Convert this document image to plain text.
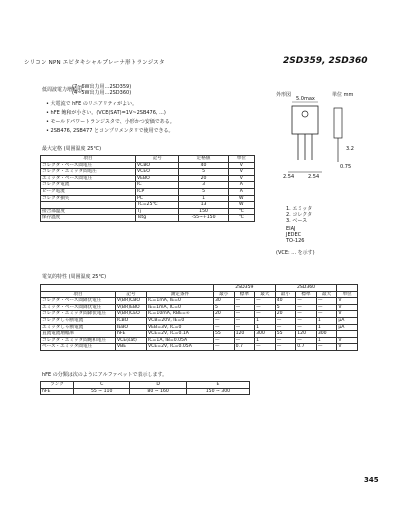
シリコン NPN エピタキシャルプレーナ形トランジスタ	2SD359, 2SD360
低周波電力増幅用
(7~6W出力用…2SD359)
(4~5W出力用…2SD360)
• 大電流で hFE のリニアリティがよい。
• hFE 飽和が小さい。(VCE(SAT)=1V~2SB476, ...)
• モールドパワートランジスタで、小形かつ安価である。
• 2SB476, 2SB477 とコンプリメンタリで使用できる。
外形図	単位 mm
5.0max
3.2
2.54	2.54
0.75
1. エミッタ
2. コレクタ
3. ベース
EIAJ
JEDEC
TO-126
(VCE: ... を示す)
最大定格 (周囲温度 25℃)
項目	記号	定格値	単位
コレクタ・ベース間電圧	VCBO	40	V
コレクタ・エミッタ間電圧	VCEO	5	V
エミッタ・ベース間電圧	VEBO	20	V
コレクタ電流	IC	3	A
ピーク電流	ICP	5	A
コレクタ損失	PC	1	W
	TC=25℃	13	W
接合部温度	Tj	150	℃
保存温度	Tstg	-55~+150	℃
電気的特性 (周囲温度 25℃)
			2SD359			2SD360			
項目	記号	測定条件	最小	標準	最大	最小	標準	最大	単位
コレクタ・ベース間降伏電圧	V(BR)CBO	IC=1mA, IE=0	30	—	—	40	—	—	V
エミッタ・ベース間降伏電圧	V(BR)EBO	IE=1mA, IC=0	5	—	—	5	—	—	V
コレクタ・エミッタ間降伏電圧	V(BR)CEO	IC=10mA, RBE=∞	20	—	—	20	—	—	V
コレクタしゃ断電流	ICBO	VCB=20V, IE=0	—	—	1	—	—	1	μA
エミッタしゃ断電流	IEBO	VEB=3V, IC=0	—	—	1	—	—	1	μA
直流電流増幅率	hFE	VCE=2V, IC=0.1A	55	120	300	55	120	300	
コレクタ・エミッタ間飽和電圧	VCE(sat)	IC=1A, IB=0.05A	—	—	1	—	—	1	V
ベース・エミッタ間電圧	VBE	VCE=2V, IC=0.05A	—	0.7	—	—	0.7	—	V
hFE の分類は次のようにアルファベットで表示します。
ランク	C	D	E
hFE	55 ~ 110	80 ~ 160	150 ~ 300
345
